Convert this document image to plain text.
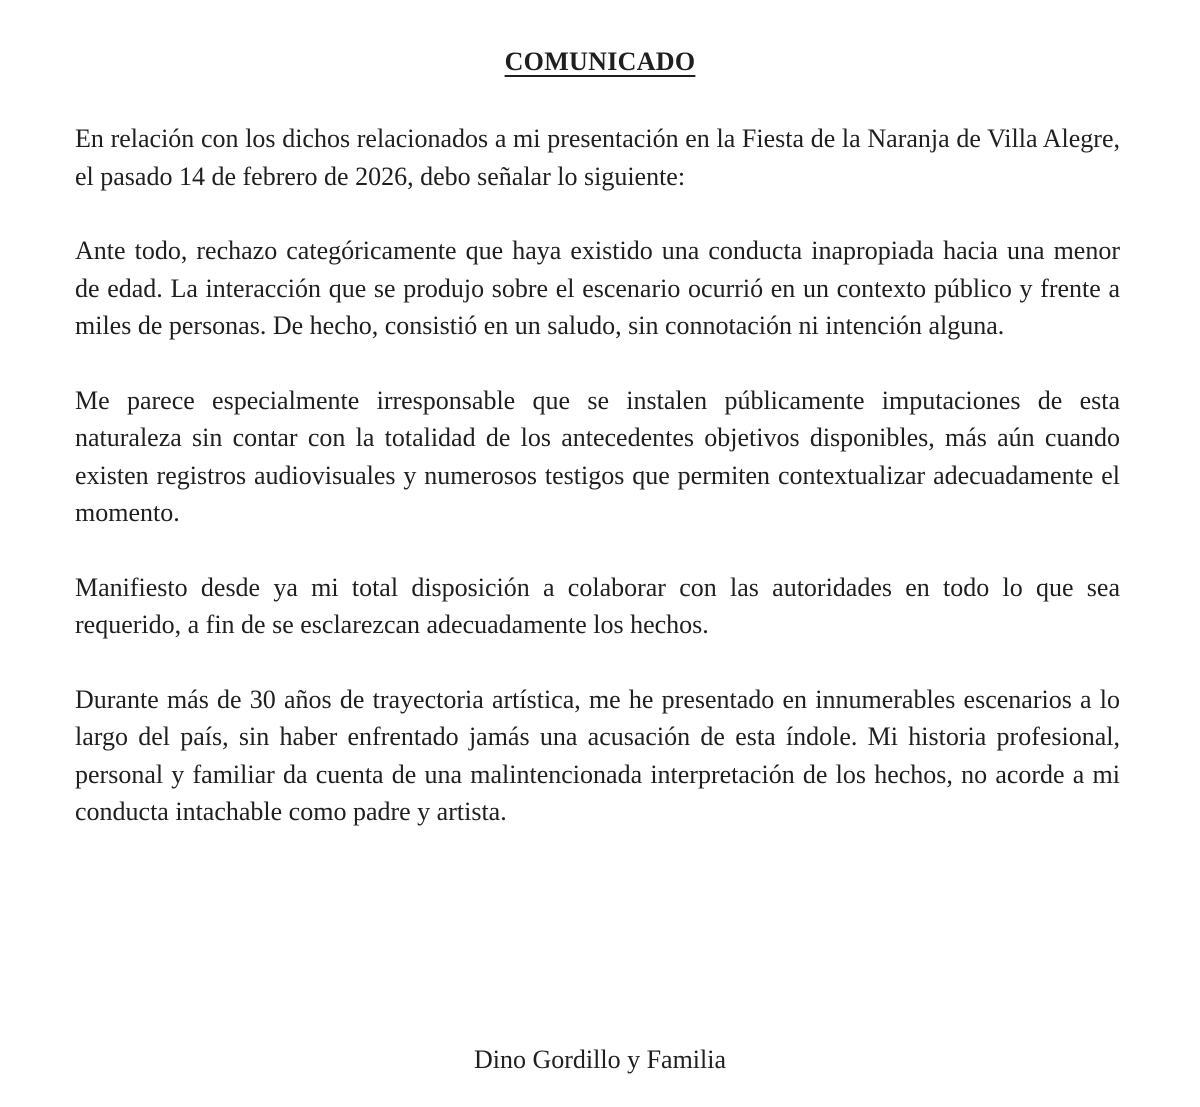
COMUNICADO

En relación con los dichos relacionados a mi presentación en la Fiesta de la Naranja de Villa Alegre, el pasado 14 de febrero de 2026, debo señalar lo siguiente:

Ante todo, rechazo categóricamente que haya existido una conducta inapropiada hacia una menor de edad. La interacción que se produjo sobre el escenario ocurrió en un contexto público y frente a miles de personas. De hecho, consistió en un saludo, sin connotación ni intención alguna.

Me parece especialmente irresponsable que se instalen públicamente imputaciones de esta naturaleza sin contar con la totalidad de los antecedentes objetivos disponibles, más aún cuando existen registros audiovisuales y numerosos testigos que permiten contextualizar adecuadamente el momento.

Manifiesto desde ya mi total disposición a colaborar con las autoridades en todo lo que sea requerido, a fin de se esclarezcan adecuadamente los hechos.

Durante más de 30 años de trayectoria artística, me he presentado en innumerables escenarios a lo largo del país, sin haber enfrentado jamás una acusación de esta índole. Mi historia profesional, personal y familiar da cuenta de una malintencionada interpretación de los hechos, no acorde a mi conducta intachable como padre y artista.

Dino Gordillo y Familia
